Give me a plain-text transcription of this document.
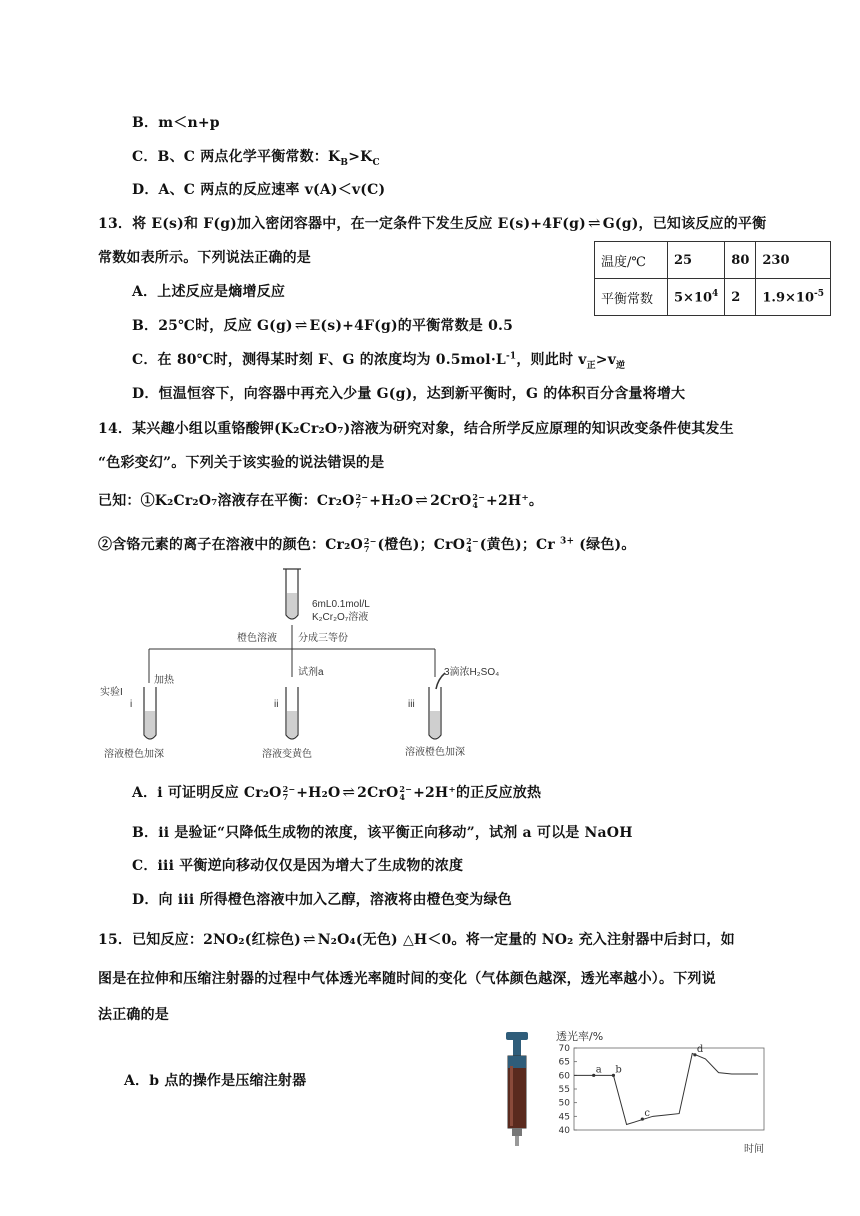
B．m＜n+p
C．B、C 两点化学平衡常数：$K_B>K_C$
D．A、C 两点的反应速率 v(A)＜v(C)
13．将 E(s)和 F(g)加入密闭容器中，在一定条件下发生反应 E(s)+4F(g) ⇌ G(g)，已知该反应的平衡
常数如表所示。下列说法正确的是	温度/℃	25	80	230
平衡常数	$5\times 10^4$	2	$1.9\times 10^{-5}$
A．上述反应是熵增反应
B．25℃时，反应 G(g) ⇌ E(s)+4F(g)的平衡常数是 0.5
C．在 80℃时，测得某时刻 F、G 的浓度均为 $0.5mol\cdot L^{-1}$，则此时 $v_正>v_逆$
D．恒温恒容下，向容器中再充入少量 G(g)，达到新平衡时，G 的体积百分含量将增大
14．某兴趣小组以重铬酸钾(K₂Cr₂O₇)溶液为研究对象，结合所学反应原理的知识改变条件使其发生
“色彩变幻”。下列关于该实验的说法错误的是
已知：①K₂Cr₂O₇溶液存在平衡：Cr₂O 2−
7 +H₂O ⇌ 2CrO 2−
4 +2H⁺。
②含铬元素的离子在溶液中的颜色：Cr₂O 2−
7 (橙色)；CrO 2−
4 (黄色)；Cr $^{3+}$ (绿色)。
6mL0.1mol/L
K₂Cr₂O₇溶液
橙色溶液 分成三等份
加热
试剂a	3滴浓H₂SO₄
实验I
i	ii	iii
溶液橙色加深	溶液变黄色	溶液橙色加深
A．i 可证明反应 Cr₂O 2−
7 +H₂O ⇌ 2CrO 2−
4 +2H⁺的正反应放热
B．ii 是验证“只降低生成物的浓度，该平衡正向移动”，试剂 a 可以是 NaOH
C．iii 平衡逆向移动仅仅是因为增大了生成物的浓度
D．向 iii 所得橙色溶液中加入乙醇，溶液将由橙色变为绿色
15．已知反应：2NO₂(红棕色) ⇌ N₂O₄(无色) △H＜0。将一定量的 NO₂ 充入注射器中后封口，如
图是在拉伸和压缩注射器的过程中气体透光率随时间的变化（气体颜色越深，透光率越小）。下列说
法正确的是
A．b 点的操作是压缩注射器
透光率/%
40
45
50
55
60
65
70
a b
c
d
时间
